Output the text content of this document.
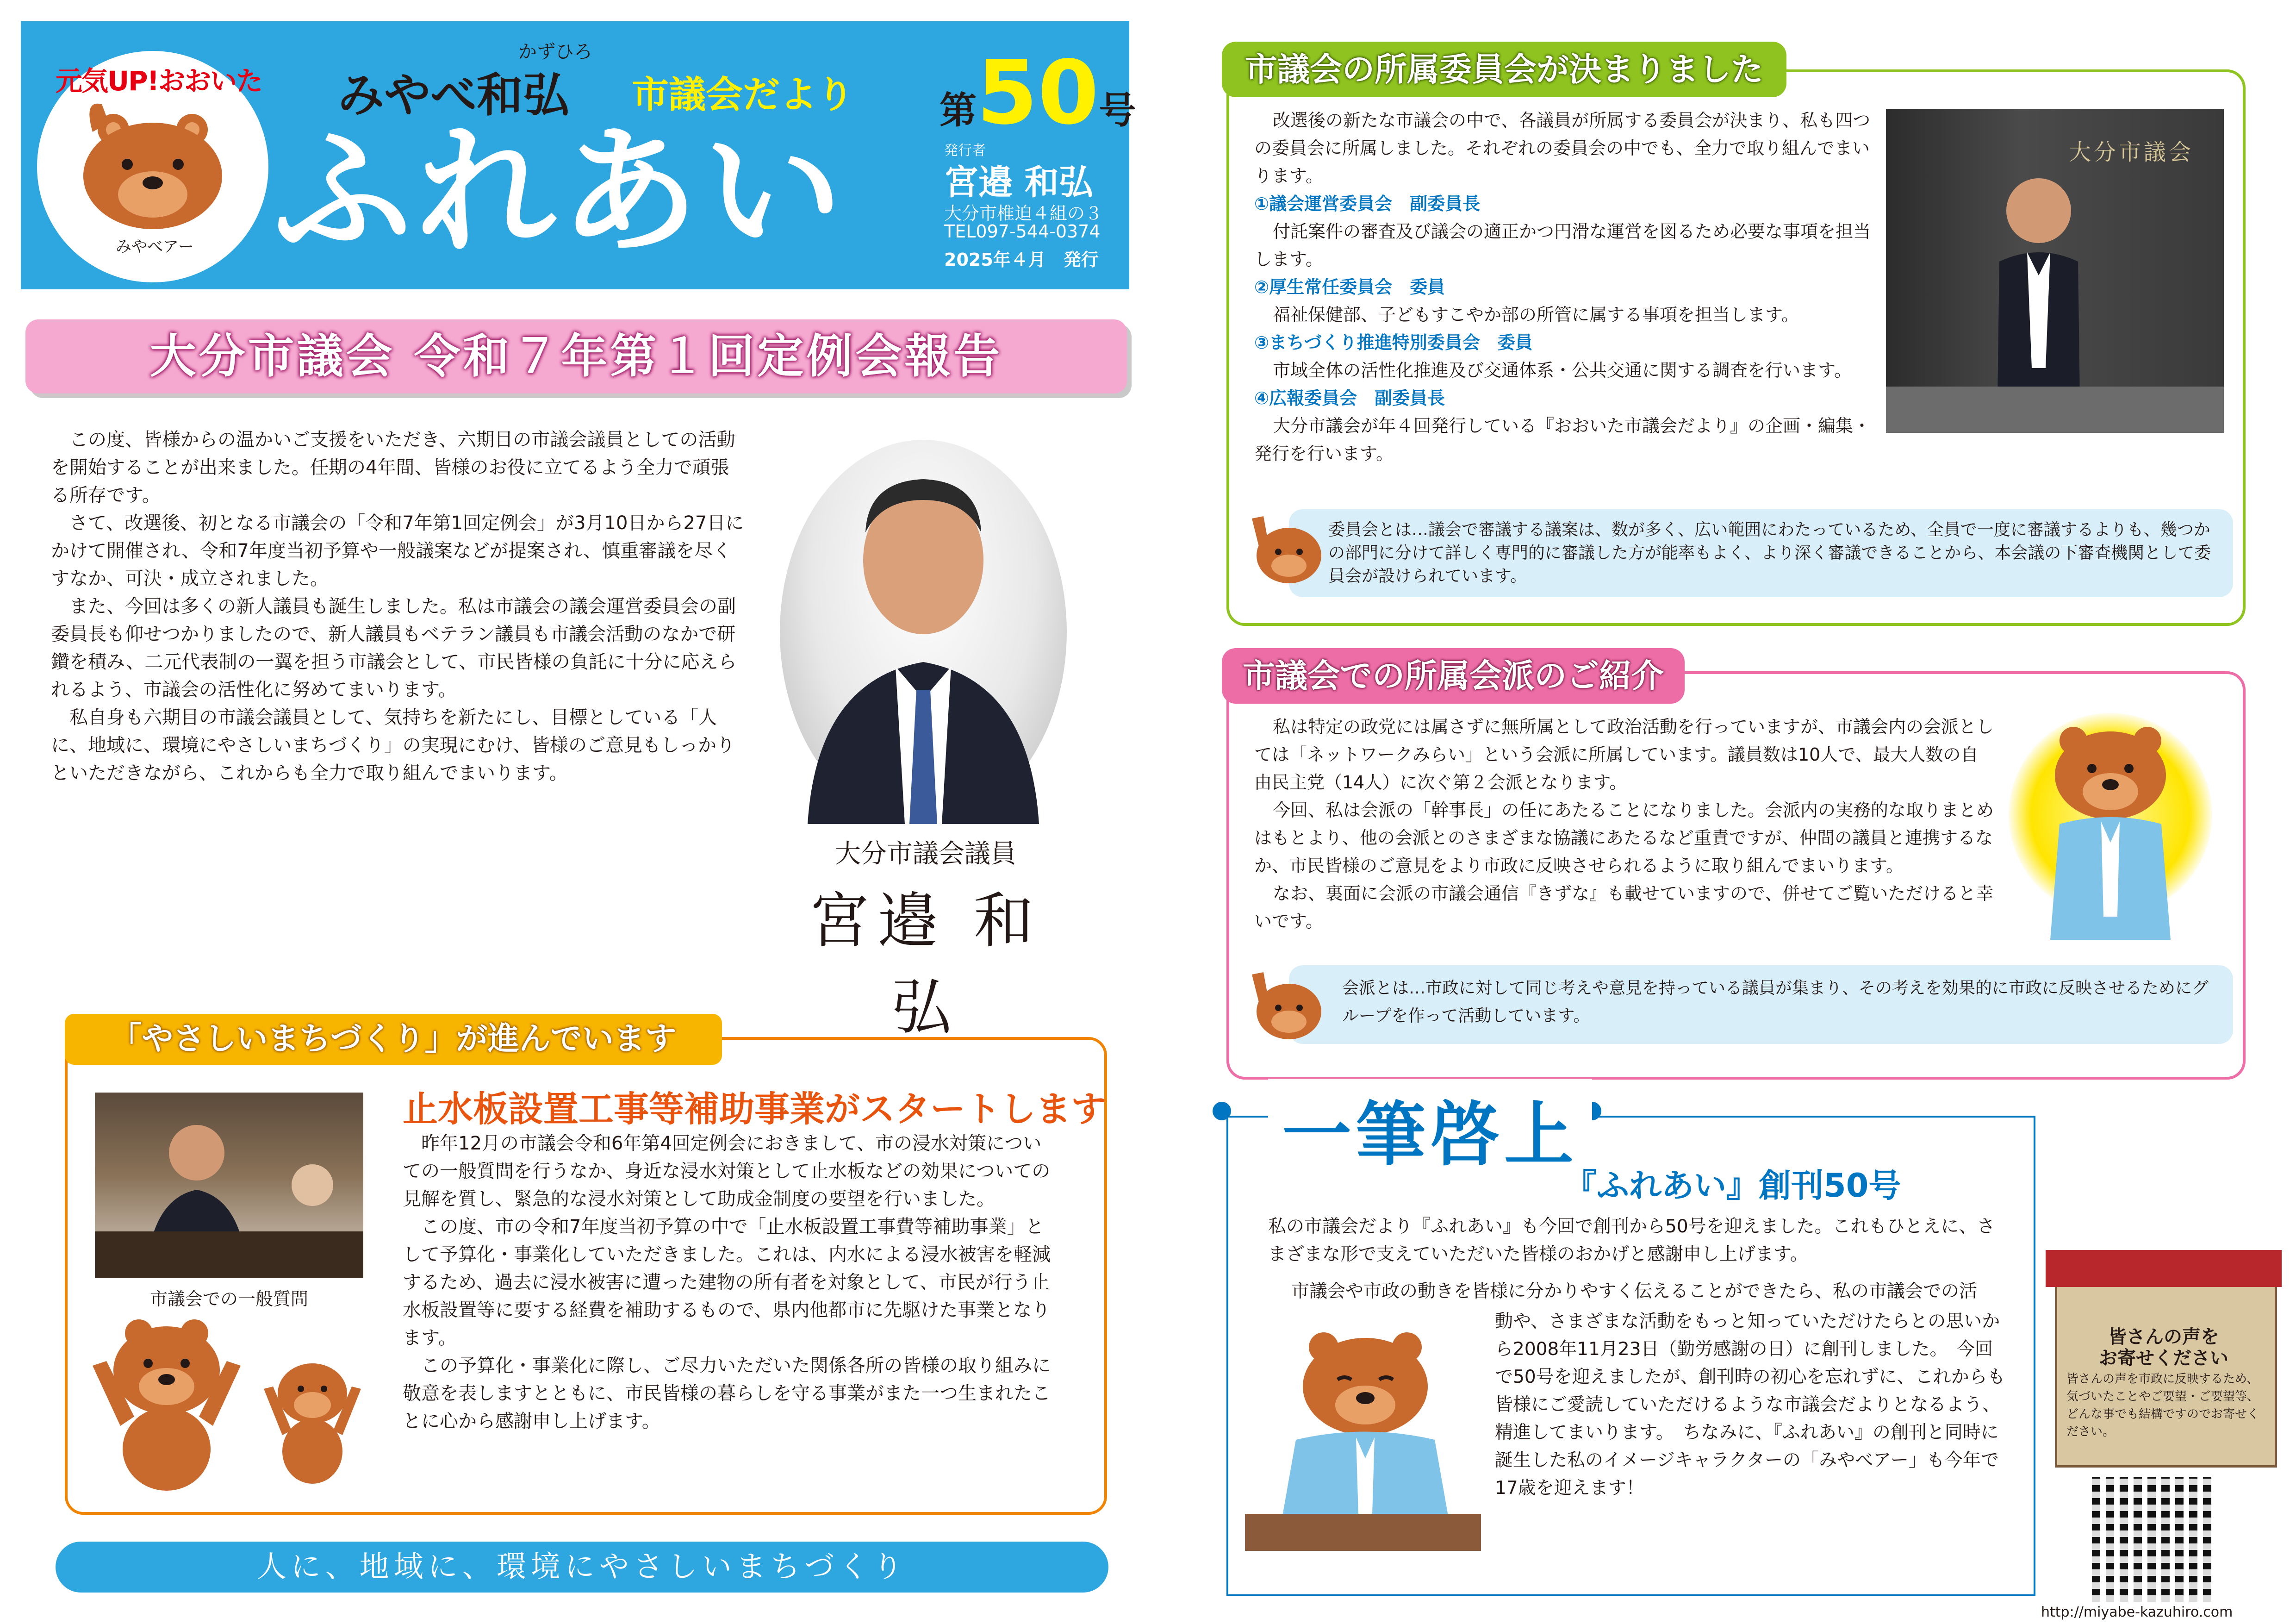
元気UP!おおいた
みやべアー
かずひろ
みやべ和弘 市議会だより
ふれあい
第50号
発行者
宮邉 和弘
大分市椎迫４組の３
TEL097-544-0374
2025年４月　発行
大分市議会 令和７年第１回定例会報告

この度、皆様からの温かいご支援をいただき、六期目の市議会議員としての活動を開始することが出来ました。任期の4年間、皆様のお役に立てるよう全力で頑張る所存です。

さて、改選後、初となる市議会の「令和7年第1回定例会」が3月10日から27日にかけて開催され、令和7年度当初予算や一般議案などが提案され、慎重審議を尽くすなか、可決・成立されました。

また、今回は多くの新人議員も誕生しました。私は市議会の議会運営委員会の副委員長も仰せつかりましたので、新人議員もベテラン議員も市議会活動のなかで研鑽を積み、二元代表制の一翼を担う市議会として、市民皆様の負託に十分に応えられるよう、市議会の活性化に努めてまいります。

私自身も六期目の市議会議員として、気持ちを新たにし、目標としている「人に、地域に、環境にやさしいまちづくり」の実現にむけ、皆様のご意見もしっかりといただきながら、これからも全力で取り組んでまいります。

大分市議会議員
宮邉 和弘
「やさしいまちづくり」が進んでいます
市議会での一般質問
止水板設置工事等補助事業がスタートします

昨年12月の市議会令和6年第4回定例会におきまして、市の浸水対策についての一般質問を行うなか、身近な浸水対策として止水板などの効果についての見解を質し、緊急的な浸水対策として助成金制度の要望を行いました。

この度、市の令和7年度当初予算の中で「止水板設置工事費等補助事業」として予算化・事業化していただきました。これは、内水による浸水被害を軽減するため、過去に浸水被害に遭った建物の所有者を対象として、市民が行う止水板設置等に要する経費を補助するもので、県内他都市に先駆けた事業となります。

この予算化・事業化に際し、ご尽力いただいた関係各所の皆様の取り組みに敬意を表しますとともに、市民皆様の暮らしを守る事業がまた一つ生まれたことに心から感謝申し上げます。

人に、地域に、環境にやさしいまちづくり
市議会の所属委員会が決まりました

改選後の新たな市議会の中で、各議員が所属する委員会が決まり、私も四つの委員会に所属しました。それぞれの委員会の中でも、全力で取り組んでまいります。

①議会運営委員会　副委員長

付託案件の審査及び議会の適正かつ円滑な運営を図るため必要な事項を担当します。

②厚生常任委員会　委員

福祉保健部、子どもすこやか部の所管に属する事項を担当します。

③まちづくり推進特別委員会　委員

市域全体の活性化推進及び交通体系・公共交通に関する調査を行います。

④広報委員会　副委員長

大分市議会が年４回発行している『おおいた市議会だより』の企画・編集・発行を行います。

大分市議会
委員会とは…議会で審議する議案は、数が多く、広い範囲にわたっているため、全員で一度に審議するよりも、幾つかの部門に分けて詳しく専門的に審議した方が能率もよく、より深く審議できることから、本会議の下審査機関として委員会が設けられています。
市議会での所属会派のご紹介

私は特定の政党には属さずに無所属として政治活動を行っていますが、市議会内の会派としては「ネットワークみらい」という会派に所属しています。議員数は10人で、最大人数の自由民主党（14人）に次ぐ第２会派となります。

今回、私は会派の「幹事長」の任にあたることになりました。会派内の実務的な取りまとめはもとより、他の会派とのさまざまな協議にあたるなど重責ですが、仲間の議員と連携するなか、市民皆様のご意見をより市政に反映させられるように取り組んでまいります。

なお、裏面に会派の市議会通信『きずな』も載せていますので、併せてご覧いただけると幸いです。

会派とは…市政に対して同じ考えや意見を持っている議員が集まり、その考えを効果的に市政に反映させるためにグループを作って活動しています。
一筆啓上
『ふれあい』創刊50号

私の市議会だより『ふれあい』も今回で創刊から50号を迎えました。これもひとえに、さまざまな形で支えていただいた皆様のおかげと感謝申し上げます。

市議会や市政の動きを皆様に分かりやすく伝えることができたら、私の市議会での活

動や、さまざまな活動をもっと知っていただけたらとの思いから2008年11月23日（勤労感謝の日）に創刊しました。　今回で50号を迎えましたが、創刊時の初心を忘れずに、これからも皆様にご愛読していただけるような市議会だよりとなるよう、精進してまいります。　ちなみに、『ふれあい』の創刊と同時に誕生した私のイメージキャラクターの「みやべアー」も今年で17歳を迎えます！

皆さんの声を
お寄せください
皆さんの声を市政に反映するため、気づいたことやご要望・ご要望等、どんな事でも結構ですのでお寄せください。
http://miyabe-kazuhiro.com
